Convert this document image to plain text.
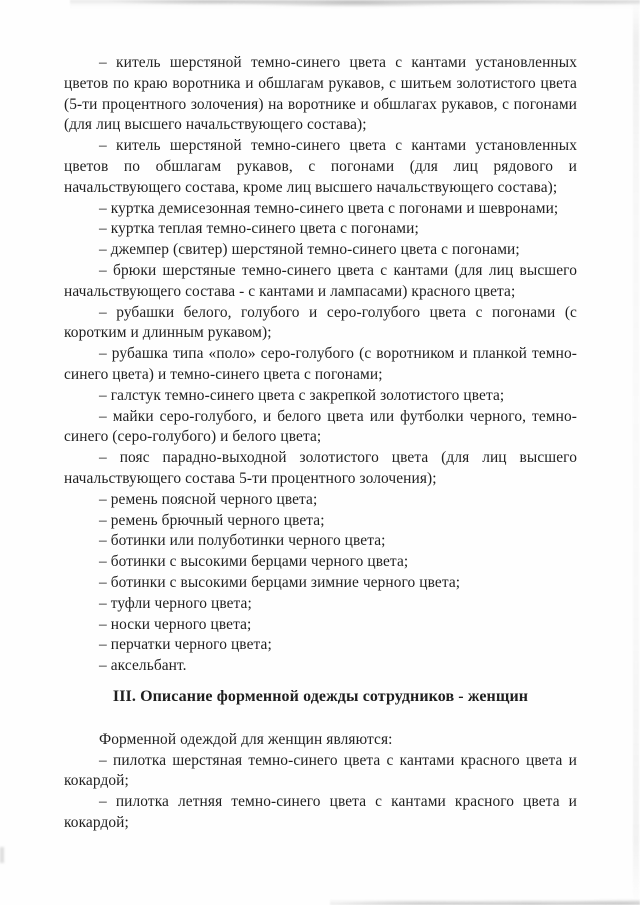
– китель шерстяной темно-синего цвета с кантами установленных цветов по краю воротника и обшлагам рукавов, с шитьем золотистого цвета (5-ти процентного золочения) на воротнике и обшлагах рукавов, с погонами (для лиц высшего начальствующего состава);

– китель шерстяной темно-синего цвета с кантами установленных цветов по обшлагам рукавов, с погонами (для лиц рядового и начальствующего состава, кроме лиц высшего начальствующего состава);

– куртка демисезонная темно-синего цвета с погонами и шевронами;

– куртка теплая темно-синего цвета с погонами;

– джемпер (свитер) шерстяной темно-синего цвета с погонами;

– брюки шерстяные темно-синего цвета с кантами (для лиц высшего начальствующего состава - с кантами и лампасами) красного цвета;

– рубашки белого, голубого и серо-голубого цвета с погонами (с коротким и длинным рукавом);

– рубашка типа «поло» серо-голубого (с воротником и планкой темно-синего цвета) и темно-синего цвета с погонами;

– галстук темно-синего цвета с закрепкой золотистого цвета;

– майки серо-голубого, и белого цвета или футболки черного, темно-синего (серо-голубого) и белого цвета;

– пояс парадно-выходной золотистого цвета (для лиц высшего начальствующего состава 5-ти процентного золочения);

– ремень поясной черного цвета;

– ремень брючный черного цвета;

– ботинки или полуботинки черного цвета;

– ботинки с высокими берцами черного цвета;

– ботинки с высокими берцами зимние черного цвета;

– туфли черного цвета;

– носки черного цвета;

– перчатки черного цвета;

– аксельбант.

III. Описание форменной одежды сотрудников - женщин

Форменной одеждой для женщин являются:

– пилотка шерстяная темно-синего цвета с кантами красного цвета и кокардой;

– пилотка летняя темно-синего цвета с кантами красного цвета и кокардой;
